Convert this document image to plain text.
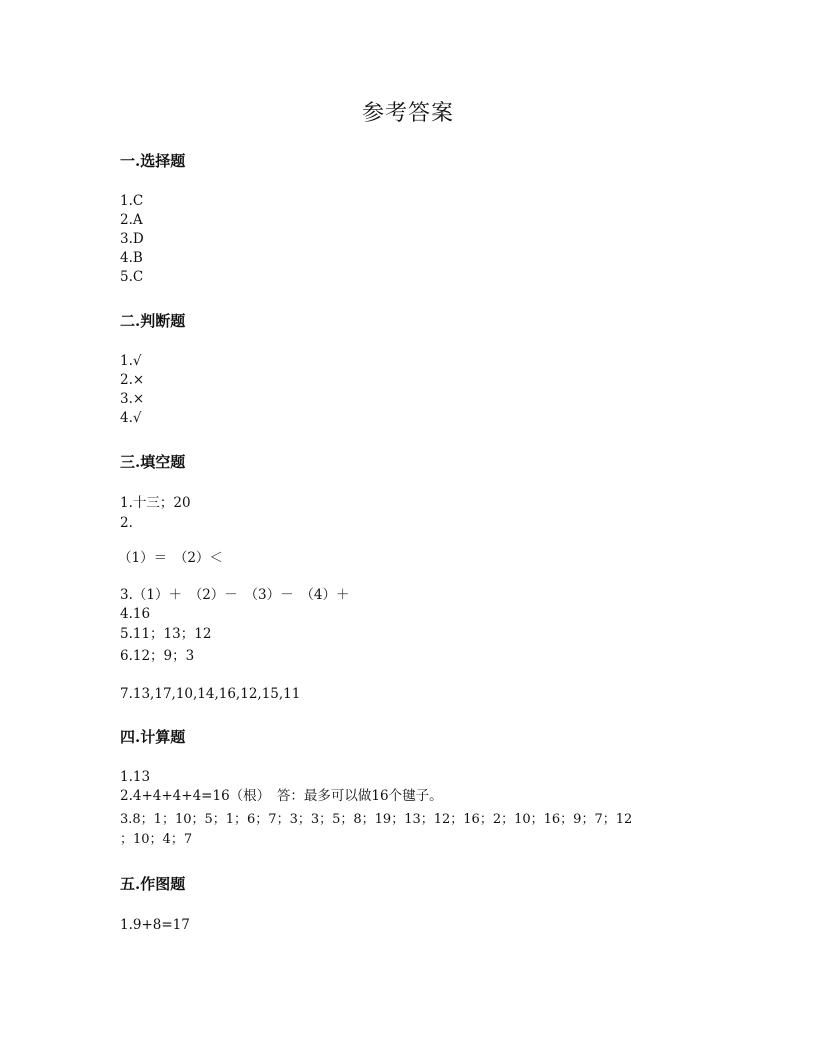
参考答案
一.选择题
1.C
2.A
3.D
4.B
5.C
二.判断题
1.√
2.×
3.×
4.√
三.填空题
1.十三；20
2.
（1）＝　（2）＜
3.（1）＋　（2）－　（3）－　（4）＋
4.16
5.11；13；12
6.12；9；3
7.13,17,10,14,16,12,15,11
四.计算题
1.13
2.4+4+4+4=16（根）　答：最多可以做16个毽子。
3.8；1；10；5；1；6；7；3；3；5；8；19；13；12；16；2；10；16；9；7；12
；10；4；7
五.作图题
1.9+8=17
